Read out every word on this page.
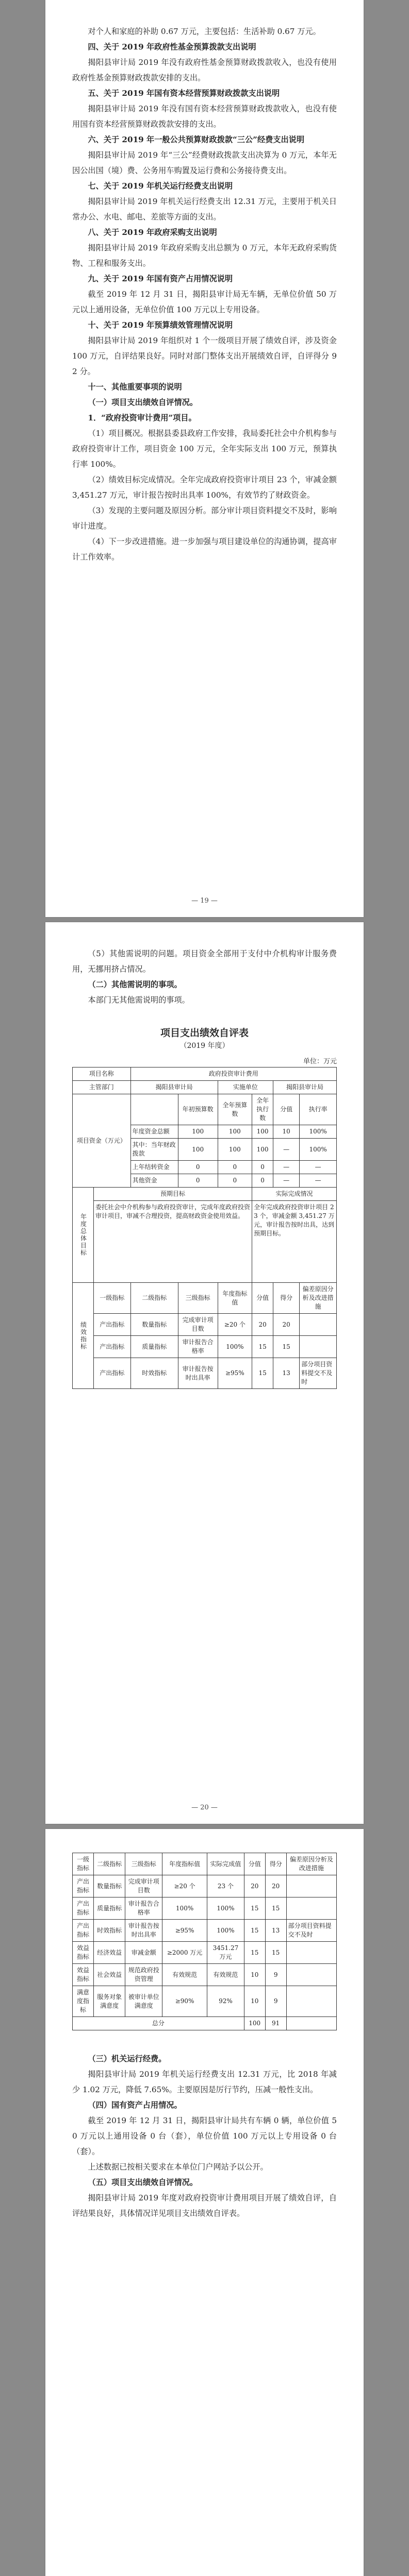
对个人和家庭的补助 0.67 万元，主要包括：生活补助 0.67 万元。

四、关于 2019 年政府性基金预算拨款支出说明

揭阳县审计局 2019 年没有政府性基金预算财政拨款收入，也没有使用政府性基金预算财政拨款安排的支出。

五、关于 2019 年国有资本经营预算财政拨款支出说明

揭阳县审计局 2019 年没有国有资本经营预算财政拨款收入，也没有使用国有资本经营预算财政拨款安排的支出。

六、关于 2019 年一般公共预算财政拨款“三公”经费支出说明

揭阳县审计局 2019 年“三公”经费财政拨款支出决算为 0 万元，本年无因公出国（境）费、公务用车购置及运行费和公务接待费支出。

七、关于 2019 年机关运行经费支出说明

揭阳县审计局 2019 年机关运行经费支出 12.31 万元，主要用于机关日常办公、水电、邮电、差旅等方面的支出。

八、关于 2019 年政府采购支出说明

揭阳县审计局 2019 年政府采购支出总额为 0 万元，本年无政府采购货物、工程和服务支出。

九、关于 2019 年国有资产占用情况说明

截至 2019 年 12 月 31 日，揭阳县审计局无车辆，无单位价值 50 万元以上通用设备，无单位价值 100 万元以上专用设备。

十、关于 2019 年预算绩效管理情况说明

揭阳县审计局 2019 年组织对 1 个一级项目开展了绩效自评，涉及资金 100 万元，自评结果良好。同时对部门整体支出开展绩效自评，自评得分 92 分。

十一、其他重要事项的说明

（一）项目支出绩效自评情况。

1．“政府投资审计费用”项目。

（1）项目概况。根据县委县政府工作安排，我局委托社会中介机构参与政府投资审计工作，项目资金 100 万元，全年实际支出 100 万元，预算执行率 100%。

（2）绩效目标完成情况。全年完成政府投资审计项目 23 个，审减金额 3,451.27 万元，审计报告按时出具率 100%，有效节约了财政资金。

（3）发现的主要问题及原因分析。部分审计项目资料提交不及时，影响审计进度。

（4）下一步改进措施。进一步加强与项目建设单位的沟通协调，提高审计工作效率。

— 19 —

（5）其他需说明的问题。项目资金全部用于支付中介机构审计服务费用，无挪用挤占情况。

（二）其他需说明的事项。

本部门无其他需说明的事项。

项目支出绩效自评表
（2019 年度）
单位：万元
项目名称		政府投资审计费用					
主管部门		揭阳县审计局		实施单位		揭阳县审计局	
项目资金（万元）			年初预算数	全年预算数	全年执行数	分值	执行率
		年度资金总额	100	100	100	10	100%
		其中：当年财政拨款	100	100	100	—	100%
		上年结转资金	0	0	0	—	—
		其他资金	0	0	0	—	—
年度总体目标	预期目标				实际完成情况		
	委托社会中介机构参与政府投资审计，完成年度政府投资审计项目，审减不合理投资，提高财政资金使用效益。				全年完成政府投资审计项目 23 个，审减金额 3,451.27 万元，审计报告按时出具，达到预期目标。		
绩效指标	一级指标	二级指标	三级指标	年度指标值	分值	得分	偏差原因分析及改进措施
	产出指标	数量指标	完成审计项目数	≥20 个	20	20	
	产出指标	质量指标	审计报告合格率	100%	15	15	
	产出指标	时效指标	审计报告按时出具率	≥95%	15	13	部分项目资料提交不及时
— 20 —
一级指标	二级指标	三级指标	年度指标值	实际完成值	分值	得分	偏差原因分析及改进措施
产出指标	数量指标	完成审计项目数	≥20 个	23 个	20	20	
产出指标	质量指标	审计报告合格率	100%	100%	15	15	
产出指标	时效指标	审计报告按时出具率	≥95%	100%	15	13	部分项目资料提交不及时
效益指标	经济效益	审减金额	≥2000 万元	3451.27 万元	15	15	
效益指标	社会效益	规范政府投资管理	有效规范	有效规范	10	9	
满意度指标	服务对象满意度	被审计单位满意度	≥90%	92%	10	9	
总分					100	91	

（三）机关运行经费。

揭阳县审计局 2019 年机关运行经费支出 12.31 万元，比 2018 年减少 1.02 万元，降低 7.65%。主要原因是厉行节约，压减一般性支出。

（四）国有资产占用情况。

截至 2019 年 12 月 31 日，揭阳县审计局共有车辆 0 辆，单位价值 50 万元以上通用设备 0 台（套），单位价值 100 万元以上专用设备 0 台（套）。

上述数据已按相关要求在本单位门户网站予以公开。

（五）项目支出绩效自评情况。

揭阳县审计局 2019 年度对政府投资审计费用项目开展了绩效自评，自评结果良好，具体情况详见项目支出绩效自评表。
